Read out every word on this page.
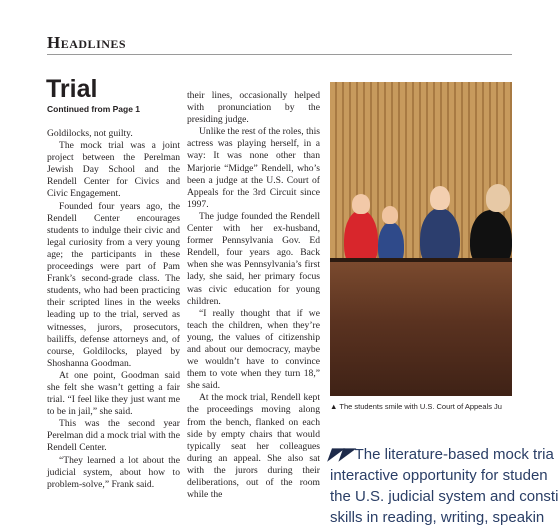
Headlines
Trial
Continued from Page 1

Goldilocks, not guilty.

The mock trial was a joint project between the Perelman Jewish Day School and the Rendell Center for Civics and Civic Engagement.

Founded four years ago, the Rendell Center encourages students to indulge their civic and legal curiosity from a very young age; the participants in these proceedings were part of Pam Frank’s second-grade class. The students, who had been practicing their scripted lines in the weeks leading up to the trial, served as witnesses, jurors, prosecutors, bailiffs, defense attorneys and, of course, Goldilocks, played by Shoshanna Goodman.

At one point, Goodman said she felt she wasn’t getting a fair trial. “I feel like they just want me to be in jail,” she said.

This was the second year Perelman did a mock trial with the Rendell Center.

“They learned a lot about the judicial system, about how to problem-solve,” Frank said.

their lines, occasionally helped with pronunciation by the presiding judge.

Unlike the rest of the roles, this actress was playing herself, in a way: It was none other than Marjorie “Midge” Rendell, who’s been a judge at the U.S. Court of Appeals for the 3rd Circuit since 1997.

The judge founded the Rendell Center with her ex-husband, former Pennsylvania Gov. Ed Rendell, four years ago. Back when she was Pennsylvania’s first lady, she said, her primary focus was civic education for young children.

“I really thought that if we teach the children, when they’re young, the values of citizenship and about our democracy, maybe we wouldn’t have to convince them to vote when they turn 18,” she said.

At the mock trial, Rendell kept the proceedings moving along from the bench, flanked on each side by empty chairs that would typically seat her colleagues during an appeal. She also sat with the jurors during their deliberations, out of the room while the

▲ The students smile with U.S. Court of Appeals Ju
◤◤The literature-based mock tria
interactive opportunity for studen
the U.S. judicial system and consti
skills in reading, writing, speakin
